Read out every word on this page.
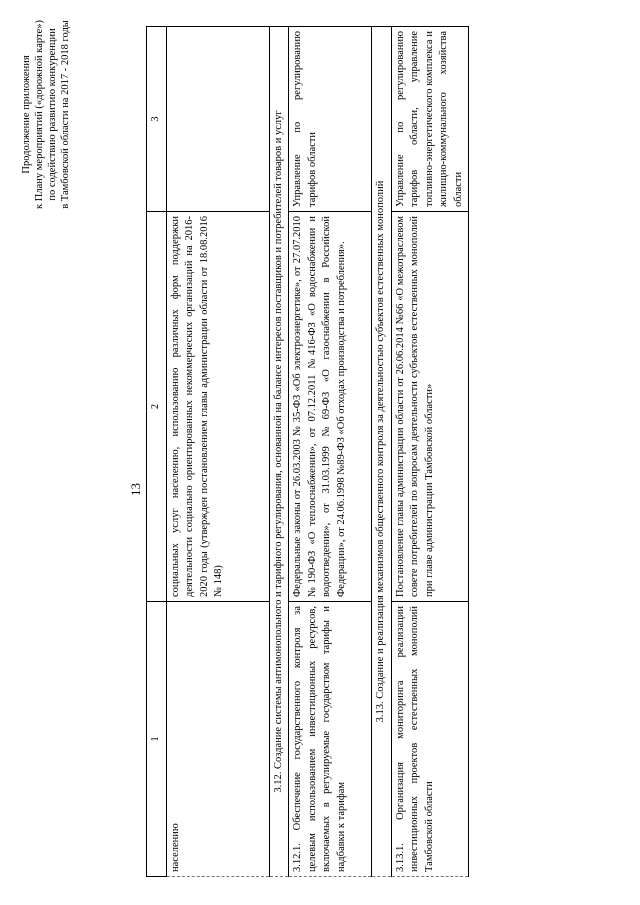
Продолжение приложения к Плану мероприятий («дорожной карте») по содействию развитию конкуренции в Тамбовской области на 2017 - 2018 годы
13
1	2	3
населению	социальных услуг населению, использованию различных форм поддержки деятельности социально ориентированных некоммерческих организаций на 2016-2020 годы (утвержден постановлением главы администрации области от 18.08.2016 № 148)	
3.12. Создание системы антимонопольного и тарифного регулирования, основанной на балансе интересов поставщиков и потребителей товаров и услуг		
3.12.1. Обеспечение государственного контроля за целевым использованием инвестиционных ресурсов, включаемых в регулируемые государством тарифы и надбавки к тарифам	Федеральные законы от 26.03.2003 № 35-ФЗ «Об электроэнергетике», от 27.07.2010 №190-ФЗ «О теплоснабжении», от 07.12.2011 №416-ФЗ «О водоснабжении и водоотведении», от 31.03.1999 №69-ФЗ «О газоснабжении в Российской Федерации», от 24.06.1998 №89-ФЗ «Об отходах производства и потребления».	Управление по регулированию тарифов области
3.13. Создание и реализация механизмов общественного контроля за деятельностью субъектов естественных монополий		
3.13.1. Организация мониторинга реализации инвестиционных проектов естественных монополий Тамбовской области	Постановление главы администрации области от 26.06.2014 №66 «О межотраслевом совете потребителей по вопросам деятельности субъектов естественных монополий при главе администрации Тамбовской области»	Управление по регулированию тарифов области, управление топливно-энергетического комплекса и жилищно-коммунального хозяйства области
